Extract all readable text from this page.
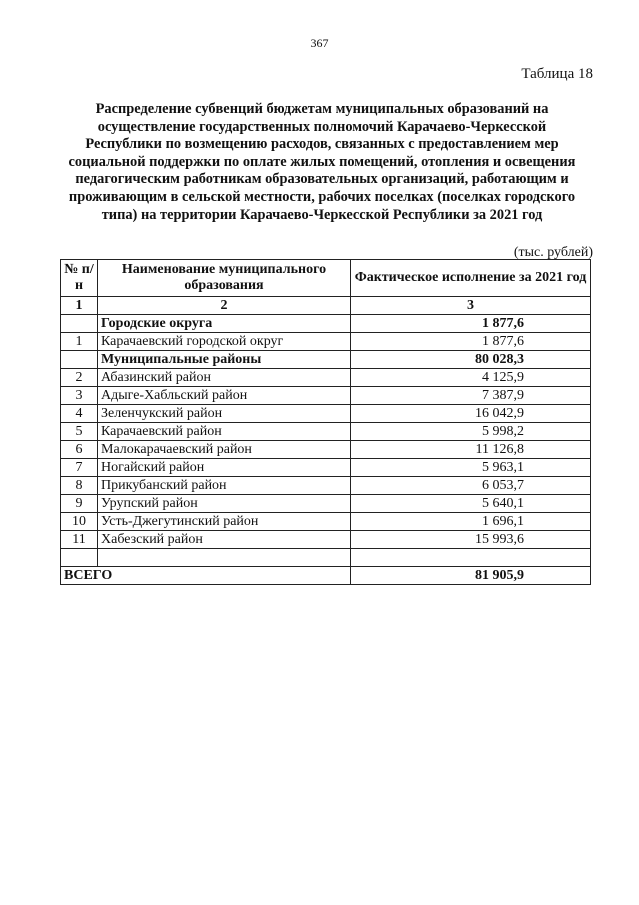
367
Таблица 18
Распределение субвенций бюджетам муниципальных образований на
осуществление государственных полномочий Карачаево-Черкесской
Республики по возмещению расходов, связанных с предоставлением мер
социальной поддержки по оплате жилых помещений, отопления и освещения
педагогическим работникам образовательных организаций, работающим и
проживающим в сельской местности, рабочих поселках (поселках городского
типа) на территории Карачаево-Черкесской Республики за 2021 год
(тыс. рублей)
№ п/н	Наименование муниципального образования	Фактическое исполнение за 2021 год
1	2	3
	Городские округа	1 877,6
1	Карачаевский городской округ	1 877,6
	Муниципальные районы	80 028,3
2	Абазинский район	4 125,9
3	Адыге-Хабльский район	7 387,9
4	Зеленчукский район	16 042,9
5	Карачаевский район	5 998,2
6	Малокарачаевский район	11 126,8
7	Ногайский район	5 963,1
8	Прикубанский район	6 053,7
9	Урупский район	5 640,1
10	Усть-Джегутинский район	1 696,1
11	Хабезский район	15 993,6

ВСЕГО		81 905,9
